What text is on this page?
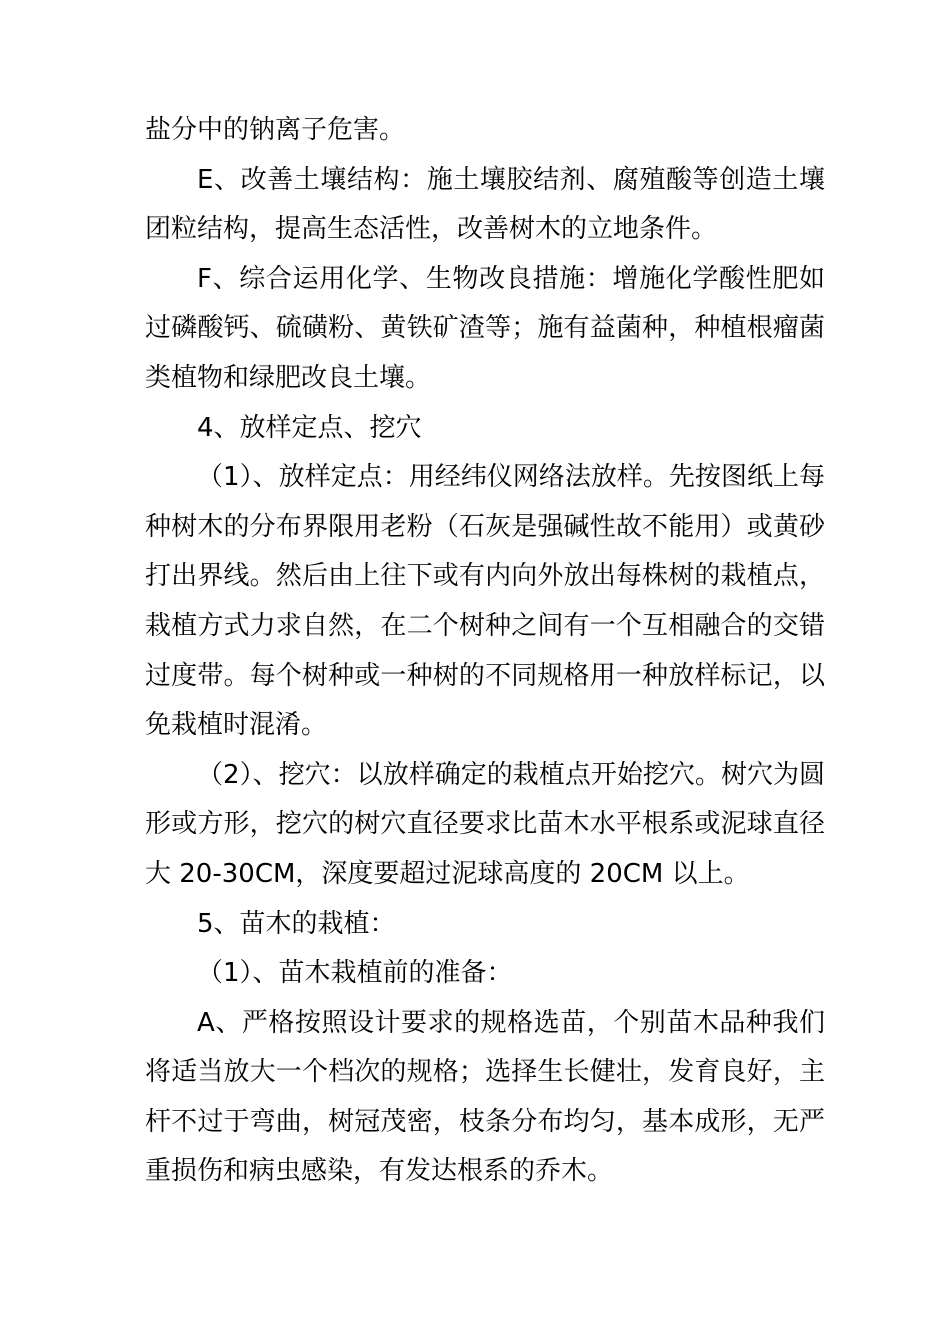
盐分中的钠离子危害。

E、改善土壤结构：施土壤胶结剂、腐殖酸等创造土壤团粒结构，提高生态活性，改善树木的立地条件。

F、综合运用化学、生物改良措施：增施化学酸性肥如过磷酸钙、硫磺粉、黄铁矿渣等；施有益菌种，种植根瘤菌类植物和绿肥改良土壤。

4、放样定点、挖穴

（1）、放样定点：用经纬仪网络法放样。先按图纸上每种树木的分布界限用老粉（石灰是强碱性故不能用）或黄砂打出界线。然后由上往下或有内向外放出每株树的栽植点，栽植方式力求自然，在二个树种之间有一个互相融合的交错过度带。每个树种或一种树的不同规格用一种放样标记，以免栽植时混淆。

（2）、挖穴：以放样确定的栽植点开始挖穴。树穴为圆形或方形，挖穴的树穴直径要求比苗木水平根系或泥球直径大 20-30CM，深度要超过泥球高度的 20CM 以上。

5、苗木的栽植：

（1）、苗木栽植前的准备：

A、严格按照设计要求的规格选苗，个别苗木品种我们将适当放大一个档次的规格；选择生长健壮，发育良好，主杆不过于弯曲，树冠茂密，枝条分布均匀，基本成形，无严重损伤和病虫感染，有发达根系的乔木。
